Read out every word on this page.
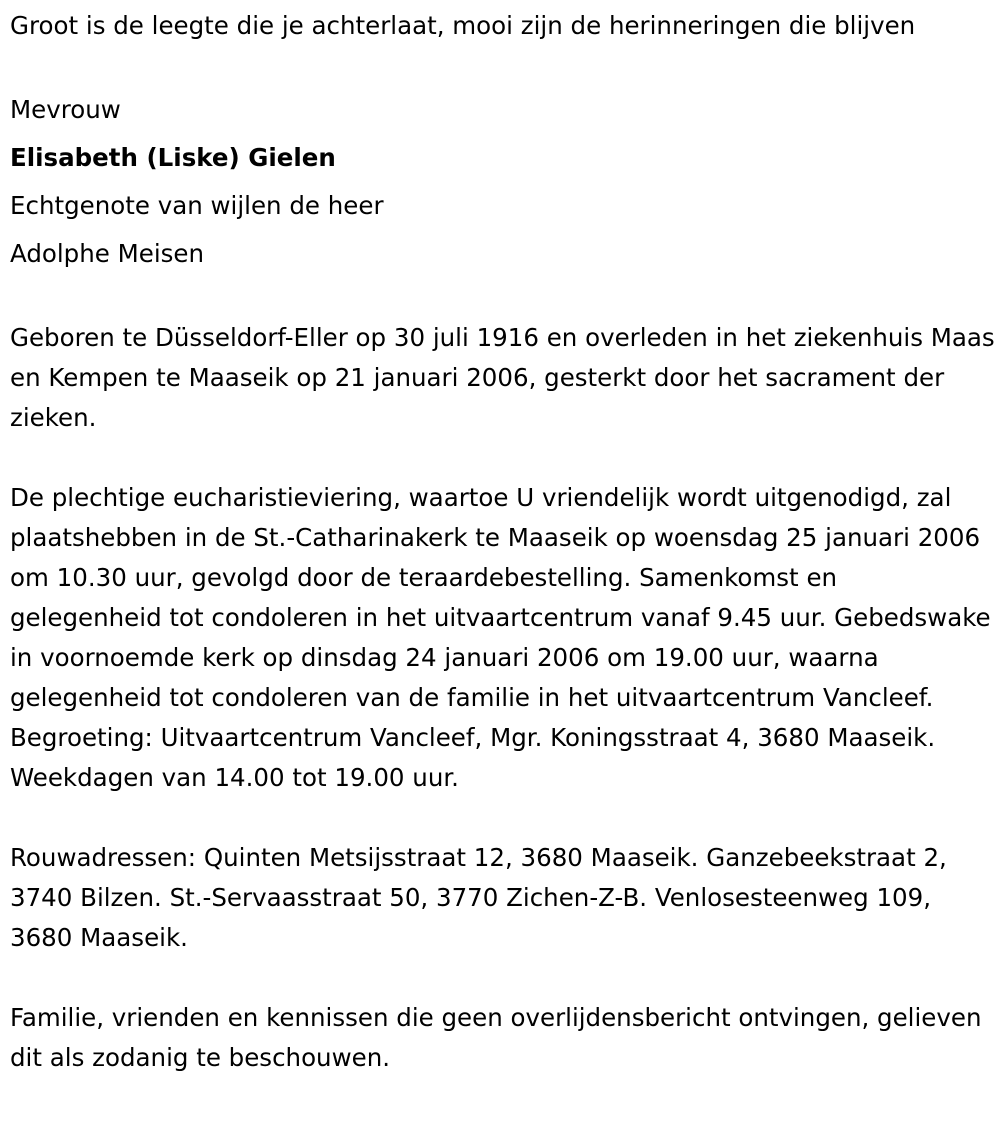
Groot is de leegte die je achterlaat, mooi zijn de herinneringen die blijven

Mevrouw

Elisabeth (Liske) Gielen

Echtgenote van wijlen de heer

Adolphe Meisen

Geboren te Düsseldorf-Eller op 30 juli 1916 en overleden in het ziekenhuis Maas en Kempen te Maaseik op 21 januari 2006, gesterkt door het sacrament der zieken.

De plechtige eucharistieviering, waartoe U vriendelijk wordt uitgenodigd, zal plaatshebben in de St.-Catharinakerk te Maaseik op woensdag 25 januari 2006 om 10.30 uur, gevolgd door de teraardebestelling. Samenkomst en gelegenheid tot condoleren in het uitvaartcentrum vanaf 9.45 uur. Gebedswake in voornoemde kerk op dinsdag 24 januari 2006 om 19.00 uur, waarna gelegenheid tot condoleren van de familie in het uitvaartcentrum Vancleef. Begroeting: Uitvaartcentrum Vancleef, Mgr. Koningsstraat 4, 3680 Maaseik. Weekdagen van 14.00 tot 19.00 uur.

Rouwadressen: Quinten Metsijsstraat 12, 3680 Maaseik. Ganzebeekstraat 2, 3740 Bilzen. St.-Servaasstraat 50, 3770 Zichen-Z-B. Venlosesteenweg 109, 3680 Maaseik.

Familie, vrienden en kennissen die geen overlijdensbericht ontvingen, gelieven dit als zodanig te beschouwen.
